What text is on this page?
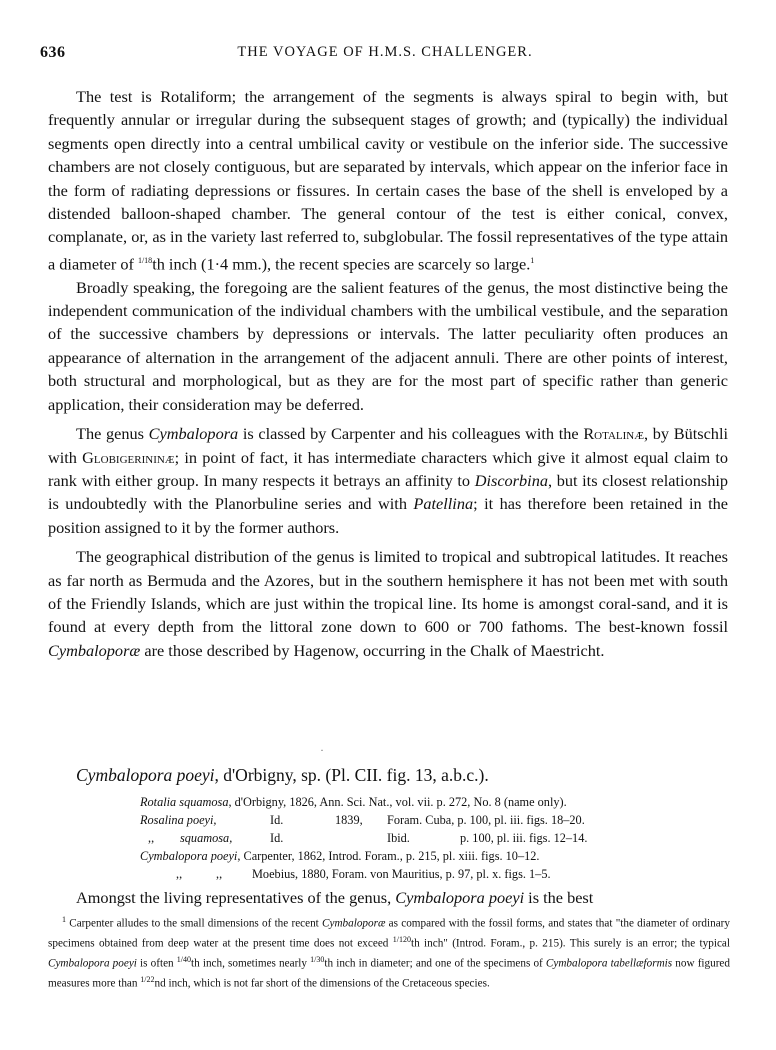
636	THE VOYAGE OF H.M.S. CHALLENGER.

The test is Rotaliform; the arrangement of the segments is always spiral to begin with, but frequently annular or irregular during the subsequent stages of growth; and (typically) the individual segments open directly into a central umbilical cavity or vestibule on the inferior side. The successive chambers are not closely contiguous, but are separated by intervals, which appear on the inferior face in the form of radiating depressions or fissures. In certain cases the base of the shell is enveloped by a distended balloon-shaped chamber. The general contour of the test is either conical, convex, complanate, or, as in the variety last referred to, subglobular. The fossil representatives of the type attain a diameter of $^{1/18}$th inch (1·4 mm.), the recent species are scarcely so large.$^1$

Broadly speaking, the foregoing are the salient features of the genus, the most distinctive being the independent communication of the individual chambers with the umbilical vestibule, and the separation of the successive chambers by depressions or intervals. The latter peculiarity often produces an appearance of alternation in the arrangement of the adjacent annuli. There are other points of interest, both structural and morphological, but as they are for the most part of specific rather than generic application, their consideration may be deferred.

The genus Cymbalopora is classed by Carpenter and his colleagues with the Rotalinæ, by Bütschli with Globigerininæ; in point of fact, it has intermediate characters which give it almost equal claim to rank with either group. In many respects it betrays an affinity to Discorbina, but its closest relationship is undoubtedly with the Planorbuline series and with Patellina; it has therefore been retained in the position assigned to it by the former authors.

The geographical distribution of the genus is limited to tropical and subtropical latitudes. It reaches as far north as Bermuda and the Azores, but in the southern hemisphere it has not been met with south of the Friendly Islands, which are just within the tropical line. Its home is amongst coral-sand, and it is found at every depth from the littoral zone down to 600 or 700 fathoms. The best-known fossil Cymbaloporæ are those described by Hagenow, occurring in the Chalk of Maestricht.

·
Cymbalopora poeyi, d'Orbigny, sp. (Pl. CII. fig. 13, a.b.c.).
Rotalia squamosa, d'Orbigny, 1826, Ann. Sci. Nat., vol. vii. p. 272, No. 8 (name only).
Rosalina poeyi,	Id.	1839, Foram. Cuba, p. 100, pl. iii. figs. 18–20.
,, squamosa,	Id.	Ibid.	p. 100, pl. iii. figs. 12–14.
Cymbalopora poeyi, Carpenter, 1862, Introd. Foram., p. 215, pl. xiii. figs. 10–12.
,,	,, Moebius, 1880, Foram. von Mauritius, p. 97, pl. x. figs. 1–5.
Amongst the living representatives of the genus, Cymbalopora poeyi is the best

$^1$ Carpenter alludes to the small dimensions of the recent Cymbaloporæ as compared with the fossil forms, and states that "the diameter of ordinary specimens obtained from deep water at the present time does not exceed $^{1/120}$th inch" (Introd. Foram., p. 215). This surely is an error; the typical Cymbalopora poeyi is often $^{1/40}$th inch, sometimes nearly $^{1/30}$th inch in diameter; and one of the specimens of Cymbalopora tabellæformis now figured measures more than $^{1/22}$nd inch, which is not far short of the dimensions of the Cretaceous species.
